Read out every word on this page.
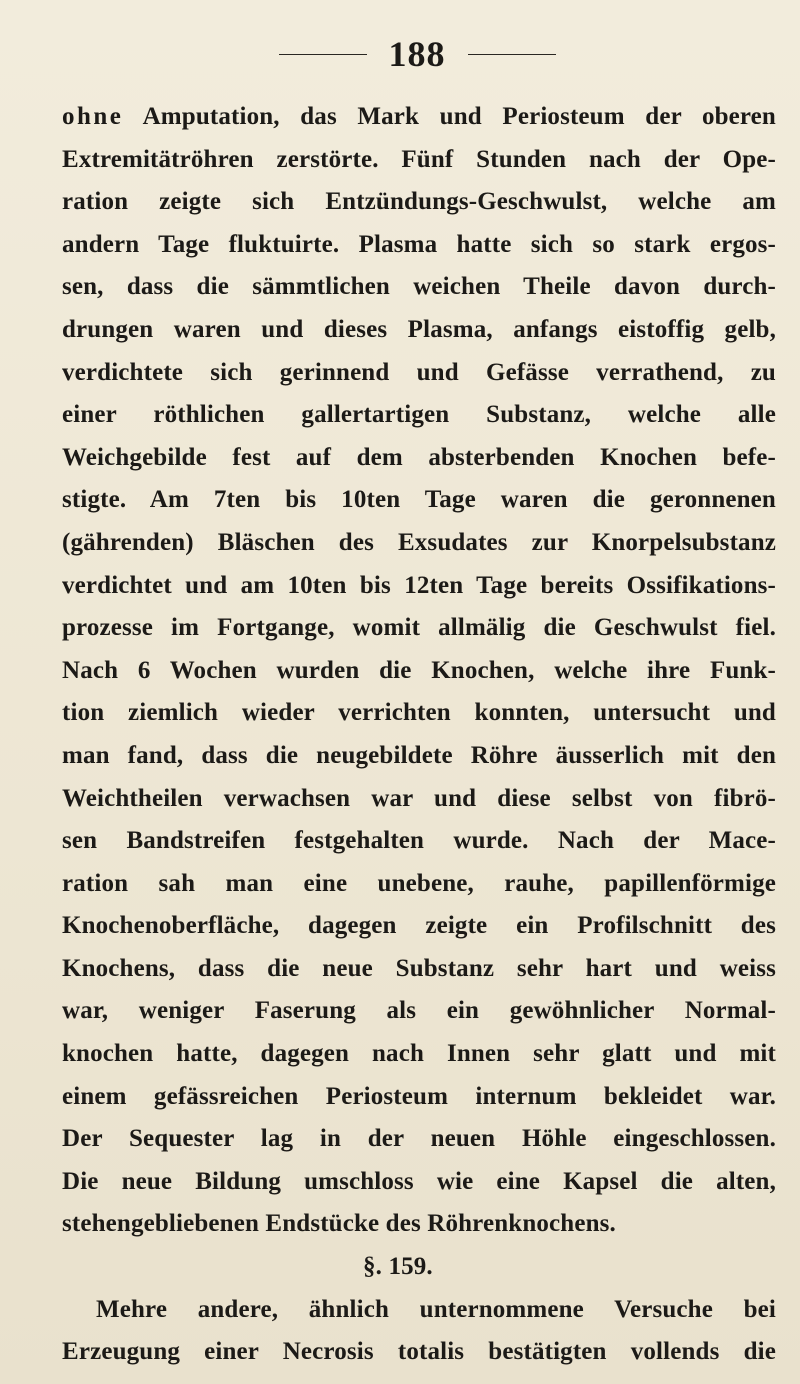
188
ohne Amputation, das Mark und Periosteum der oberen
Extremitätröhren zerstörte. Fünf Stunden nach der Ope-
ration zeigte sich Entzündungs-Geschwulst, welche am
andern Tage fluktuirte. Plasma hatte sich so stark ergos-
sen, dass die sämmtlichen weichen Theile davon durch-
drungen waren und dieses Plasma, anfangs eistoffig gelb,
verdichtete sich gerinnend und Gefässe verrathend, zu
einer röthlichen gallertartigen Substanz, welche alle
Weichgebilde fest auf dem absterbenden Knochen befe-
stigte. Am 7ten bis 10ten Tage waren die geronnenen
(gährenden) Bläschen des Exsudates zur Knorpelsubstanz
verdichtet und am 10ten bis 12ten Tage bereits Ossifikations-
prozesse im Fortgange, womit allmälig die Geschwulst fiel.
Nach 6 Wochen wurden die Knochen, welche ihre Funk-
tion ziemlich wieder verrichten konnten, untersucht und
man fand, dass die neugebildete Röhre äusserlich mit den
Weichtheilen verwachsen war und diese selbst von fibrö-
sen Bandstreifen festgehalten wurde. Nach der Mace-
ration sah man eine unebene, rauhe, papillenförmige
Knochenoberfläche, dagegen zeigte ein Profilschnitt des
Knochens, dass die neue Substanz sehr hart und weiss
war, weniger Faserung als ein gewöhnlicher Normal-
knochen hatte, dagegen nach Innen sehr glatt und mit
einem gefässreichen Periosteum internum bekleidet war.
Der Sequester lag in der neuen Höhle eingeschlossen.
Die neue Bildung umschloss wie eine Kapsel die alten,
stehengebliebenen Endstücke des Röhrenknochens.
§. 159.
Mehre andere, ähnlich unternommene Versuche bei
Erzeugung einer Necrosis totalis bestätigten vollends die
